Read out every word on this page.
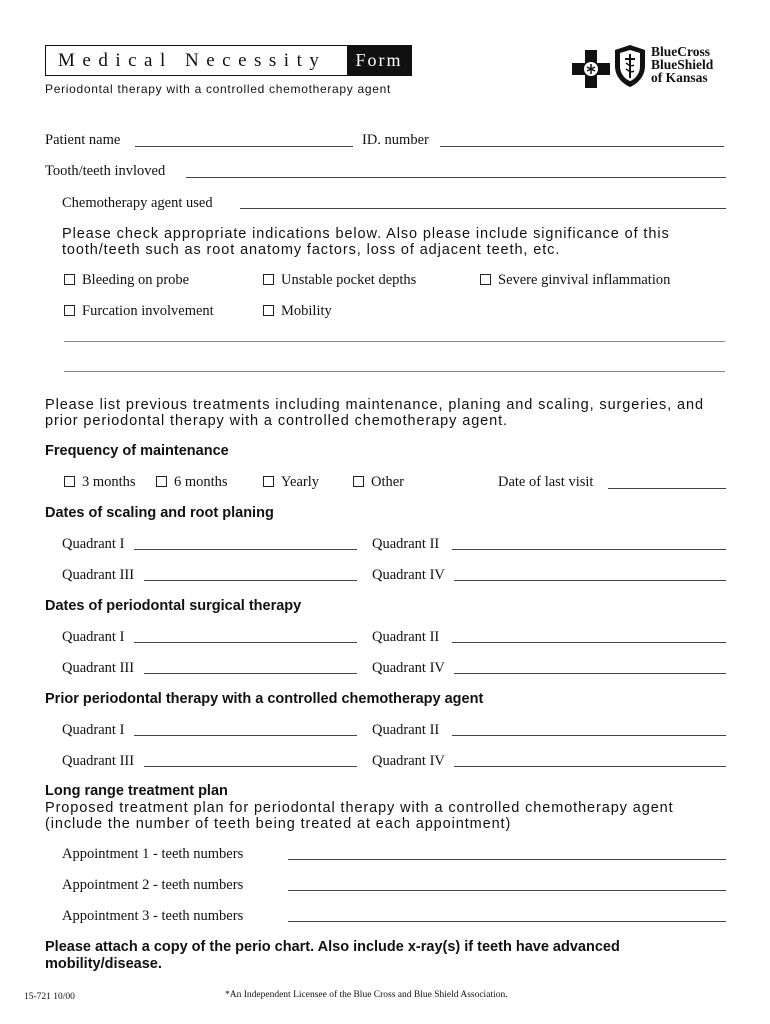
Medical Necessity	Form
Periodontal therapy with a controlled chemotherapy agent
BlueCross
BlueShield
of Kansas
Patient name	ID. number
Tooth/teeth invloved
Chemotherapy agent used
Please check appropriate indications below. Also please include significance of this tooth/teeth such as root anatomy factors, loss of adjacent teeth, etc.
Bleeding on probe	Unstable pocket depths	Severe ginvival inflammation
Furcation involvement	Mobility
Please list previous treatments including maintenance, planing and scaling, surgeries, and prior periodontal therapy with a controlled chemotherapy agent.
Frequency of maintenance
3 months	6 months	Yearly	Other	Date of last visit
Dates of scaling and root planing
Quadrant I	Quadrant II
Quadrant III	Quadrant IV
Dates of periodontal surgical therapy
Quadrant I	Quadrant II
Quadrant III	Quadrant IV
Prior periodontal therapy with a controlled chemotherapy agent
Quadrant I	Quadrant II
Quadrant III	Quadrant IV
Long range treatment plan
Proposed treatment plan for periodontal therapy with a controlled chemotherapy agent (include the number of teeth being treated at each appointment)
Appointment 1 - teeth numbers
Appointment 2 - teeth numbers
Appointment 3 - teeth numbers
Please attach a copy of the perio chart. Also include x-ray(s) if teeth have advanced mobility/disease.
15-721 10/00	*An Independent Licensee of the Blue Cross and Blue Shield Association.
